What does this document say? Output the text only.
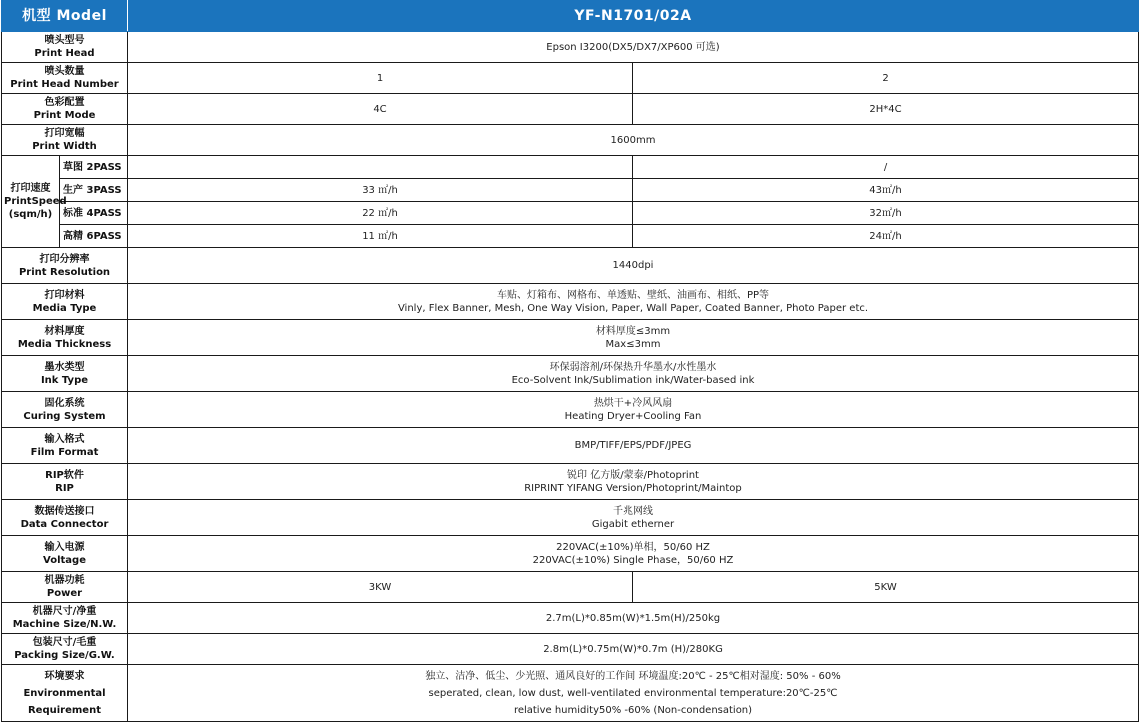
机型 Model		YF-N1701/02A	

喷头型号
Print Head		Epson I3200(DX5/DX7/XP600 可选)	

喷头数量
Print Head Number		1	2

色彩配置
Print Mode		4C	2H*4C

打印宽幅
Print Width		1600mm	

打印速度
PrintSpeed
(sqm/h)	草图 2PASS		/
	生产 3PASS	33 ㎡/h	43㎡/h
	标准 4PASS	22 ㎡/h	32㎡/h
	高精 6PASS	11 ㎡/h	24㎡/h

打印分辨率
Print Resolution		1440dpi	

打印材料
Media Type		车贴、灯箱布、网格布、单透贴、壁纸、油画布、相纸、PP等
Vinly, Flex Banner, Mesh, One Way Vision, Paper, Wall Paper, Coated Banner, Photo Paper etc.	

材料厚度
Media Thickness		材料厚度≤3mm
Max≤3mm	

墨水类型
Ink Type		环保弱溶剂/环保热升华墨水/水性墨水
Eco-Solvent Ink/Sublimation ink/Water-based ink	

固化系统
Curing System		热烘干+冷风风扇
Heating Dryer+Cooling Fan	

输入格式
Film Format		BMP/TIFF/EPS/PDF/JPEG	

RIP软件
RIP		锐印 亿方版/蒙泰/Photoprint
RIPRINT YIFANG Version/Photoprint/Maintop	

数据传送接口
Data Connector		千兆网线
Gigabit etherner	

输入电源
Voltage		220VAC(±10%)单相，50/60 HZ
220VAC(±10%) Single Phase，50/60 HZ	

机器功耗
Power		3KW	5KW

机器尺寸/净重
Machine Size/N.W.		2.7m(L)*0.85m(W)*1.5m(H)/250kg	

包装尺寸/毛重
Packing Size/G.W.		2.8m(L)*0.75m(W)*0.7m (H)/280KG	

环境要求
Environmental
Requirement		独立、洁净、低尘、少光照、通风良好的工作间 环境温度:20℃ - 25℃相对湿度: 50% - 60%
seperated, clean, low dust, well-ventilated environmental temperature:20℃-25℃
relative humidity50% -60% (Non-condensation)	
